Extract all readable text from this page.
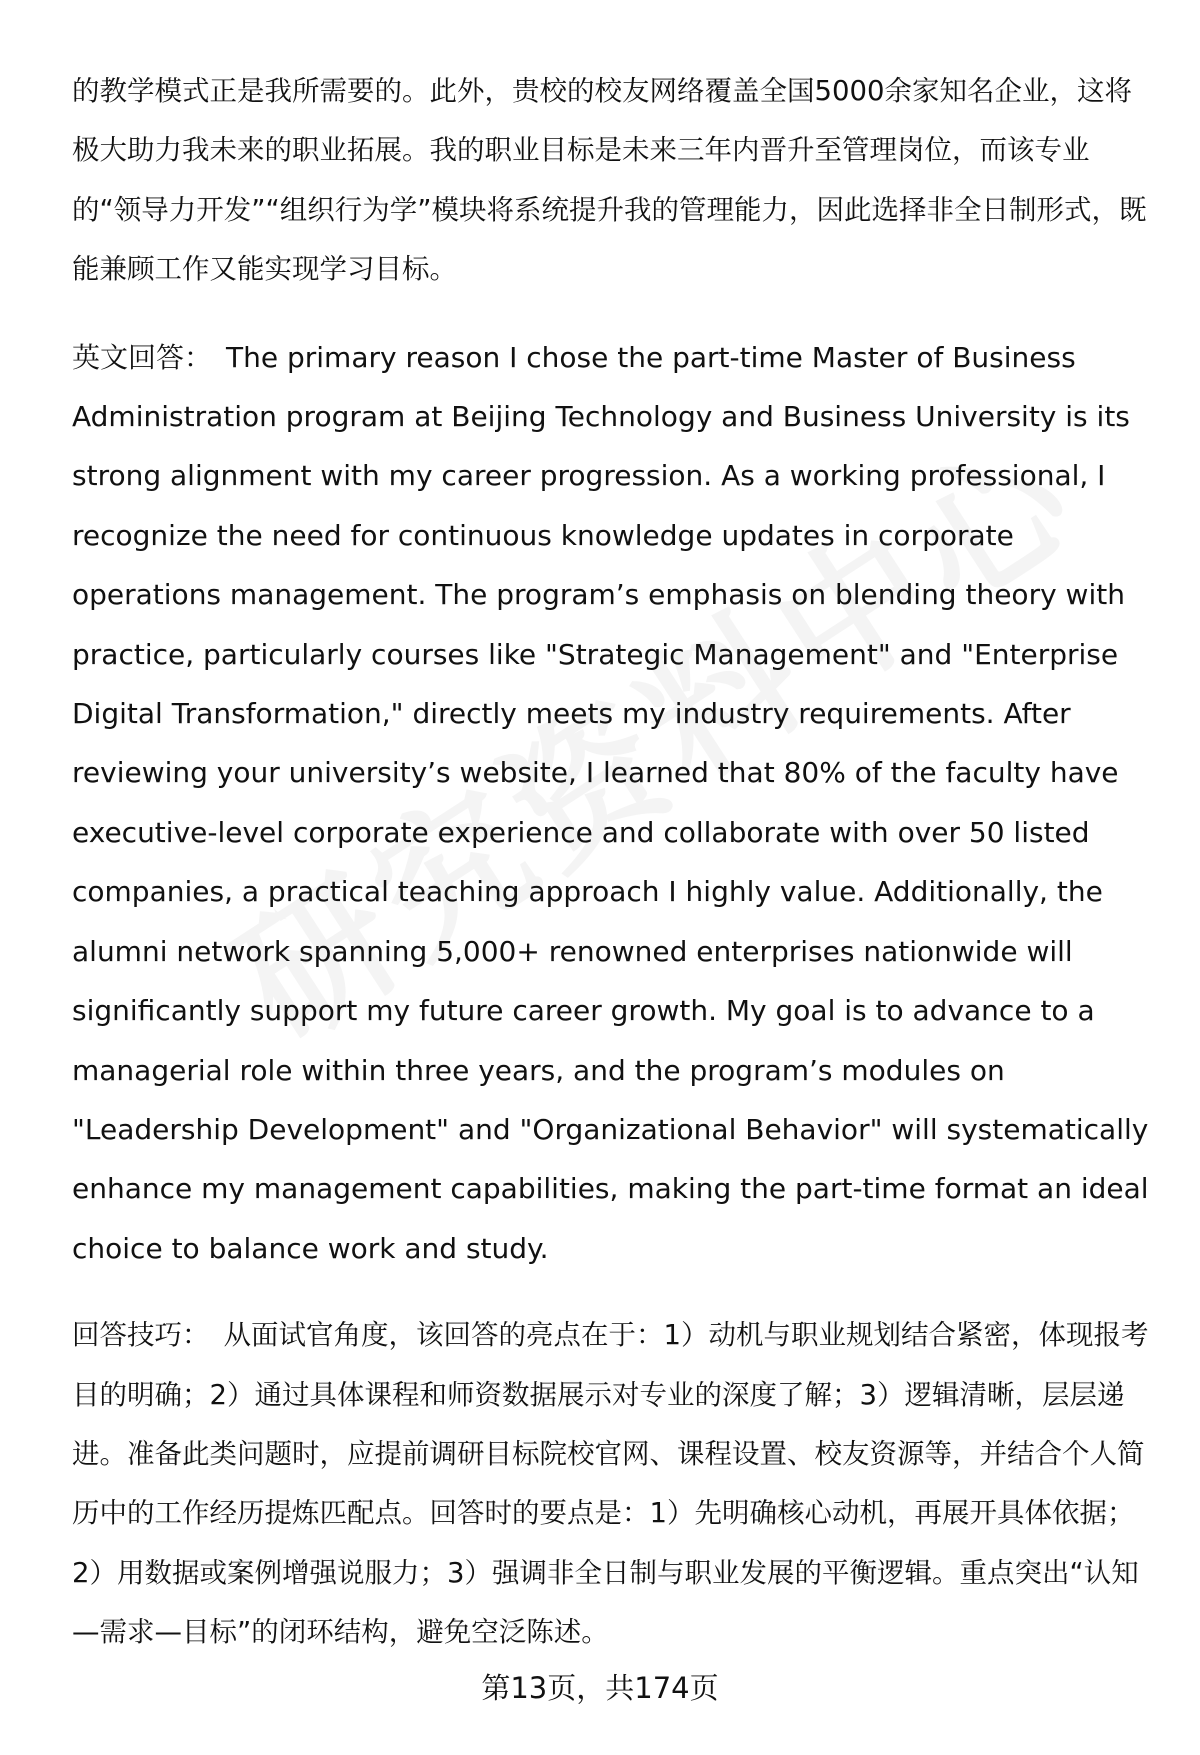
的教学模式正是我所需要的。此外，贵校的校友网络覆盖全国5000余家知名企业，这将极大助力我未来的职业拓展。我的职业目标是未来三年内晋升至管理岗位，而该专业的“领导力开发”“组织行为学”模块将系统提升我的管理能力，因此选择非全日制形式，既能兼顾工作又能实现学习目标。

英文回答： The primary reason I chose the part-time Master of Business Administration program at Beijing Technology and Business University is its strong alignment with my career progression. As a working professional, I recognize the need for continuous knowledge updates in corporate operations management. The program’s emphasis on blending theory with practice, particularly courses like "Strategic Management" and "Enterprise Digital Transformation," directly meets my industry requirements. After reviewing your university’s website, I learned that 80% of the faculty have executive-level corporate experience and collaborate with over 50 listed companies, a practical teaching approach I highly value. Additionally, the alumni network spanning 5,000+ renowned enterprises nationwide will significantly support my future career growth. My goal is to advance to a managerial role within three years, and the program’s modules on "Leadership Development" and "Organizational Behavior" will systematically enhance my management capabilities, making the part-time format an ideal choice to balance work and study.

回答技巧： 从面试官角度，该回答的亮点在于：1）动机与职业规划结合紧密，体现报考目的明确；2）通过具体课程和师资数据展示对专业的深度了解；3）逻辑清晰，层层递进。准备此类问题时，应提前调研目标院校官网、课程设置、校友资源等，并结合个人简历中的工作经历提炼匹配点。回答时的要点是：1）先明确核心动机，再展开具体依据；2）用数据或案例增强说服力；3）强调非全日制与职业发展的平衡逻辑。重点突出“认知—需求—目标”的闭环结构，避免空泛陈述。

第13页，共174页
